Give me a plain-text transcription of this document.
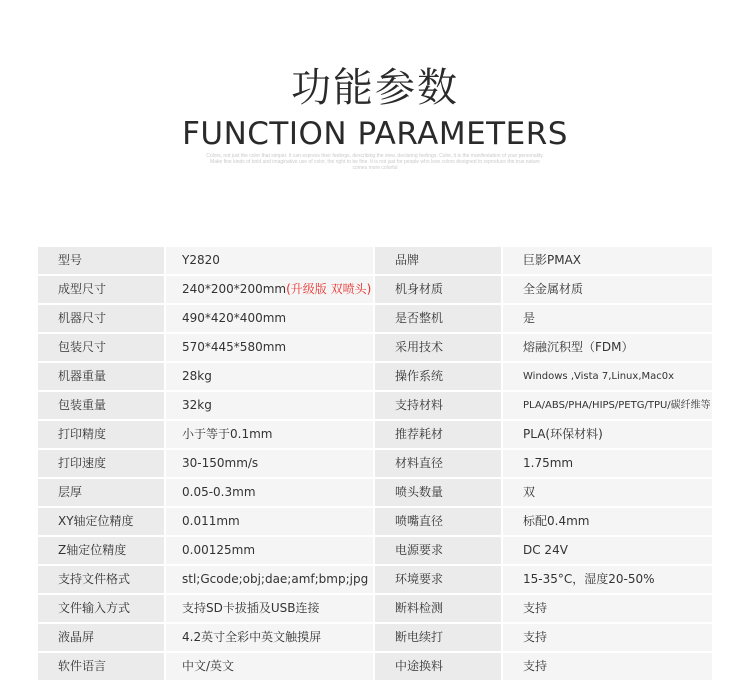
功能参数
FUNCTION PARAMETERS
Colors, not just the color that simper. It can express their feelings, describing the view, declaring feelings. Color, it is the manifestation of your personality. Make fine kinds of bold and imaginative use of color, the right to be fine. It is not just for people who love colors designed to reproduce the true nature comes more colorful
型号	Y2820	品牌	巨影PMAX
成型尺寸	240*200*200mm(升级版 双喷头)	机身材质	全金属材质
机器尺寸	490*420*400mm	是否整机	是
包装尺寸	570*445*580mm	采用技术	熔融沉积型（FDM）
机器重量	28kg	操作系统	Windows ,Vista 7,Linux,Mac0x
包装重量	32kg	支持材料	PLA/ABS/PHA/HIPS/PETG/TPU/碳纤维等
打印精度	小于等于0.1mm	推荐耗材	PLA(环保材料)
打印速度	30-150mm/s	材料直径	1.75mm
层厚	0.05-0.3mm	喷头数量	双
XY轴定位精度	0.011mm	喷嘴直径	标配0.4mm
Z轴定位精度	0.00125mm	电源要求	DC 24V
支持文件格式	stl;Gcode;obj;dae;amf;bmp;jpg	环境要求	15-35°C，湿度20-50%
文件输入方式	支持SD卡拔插及USB连接	断料检测	支持
液晶屏	4.2英寸全彩中英文触摸屏	断电续打	支持
软件语言	中文/英文	中途换料	支持
